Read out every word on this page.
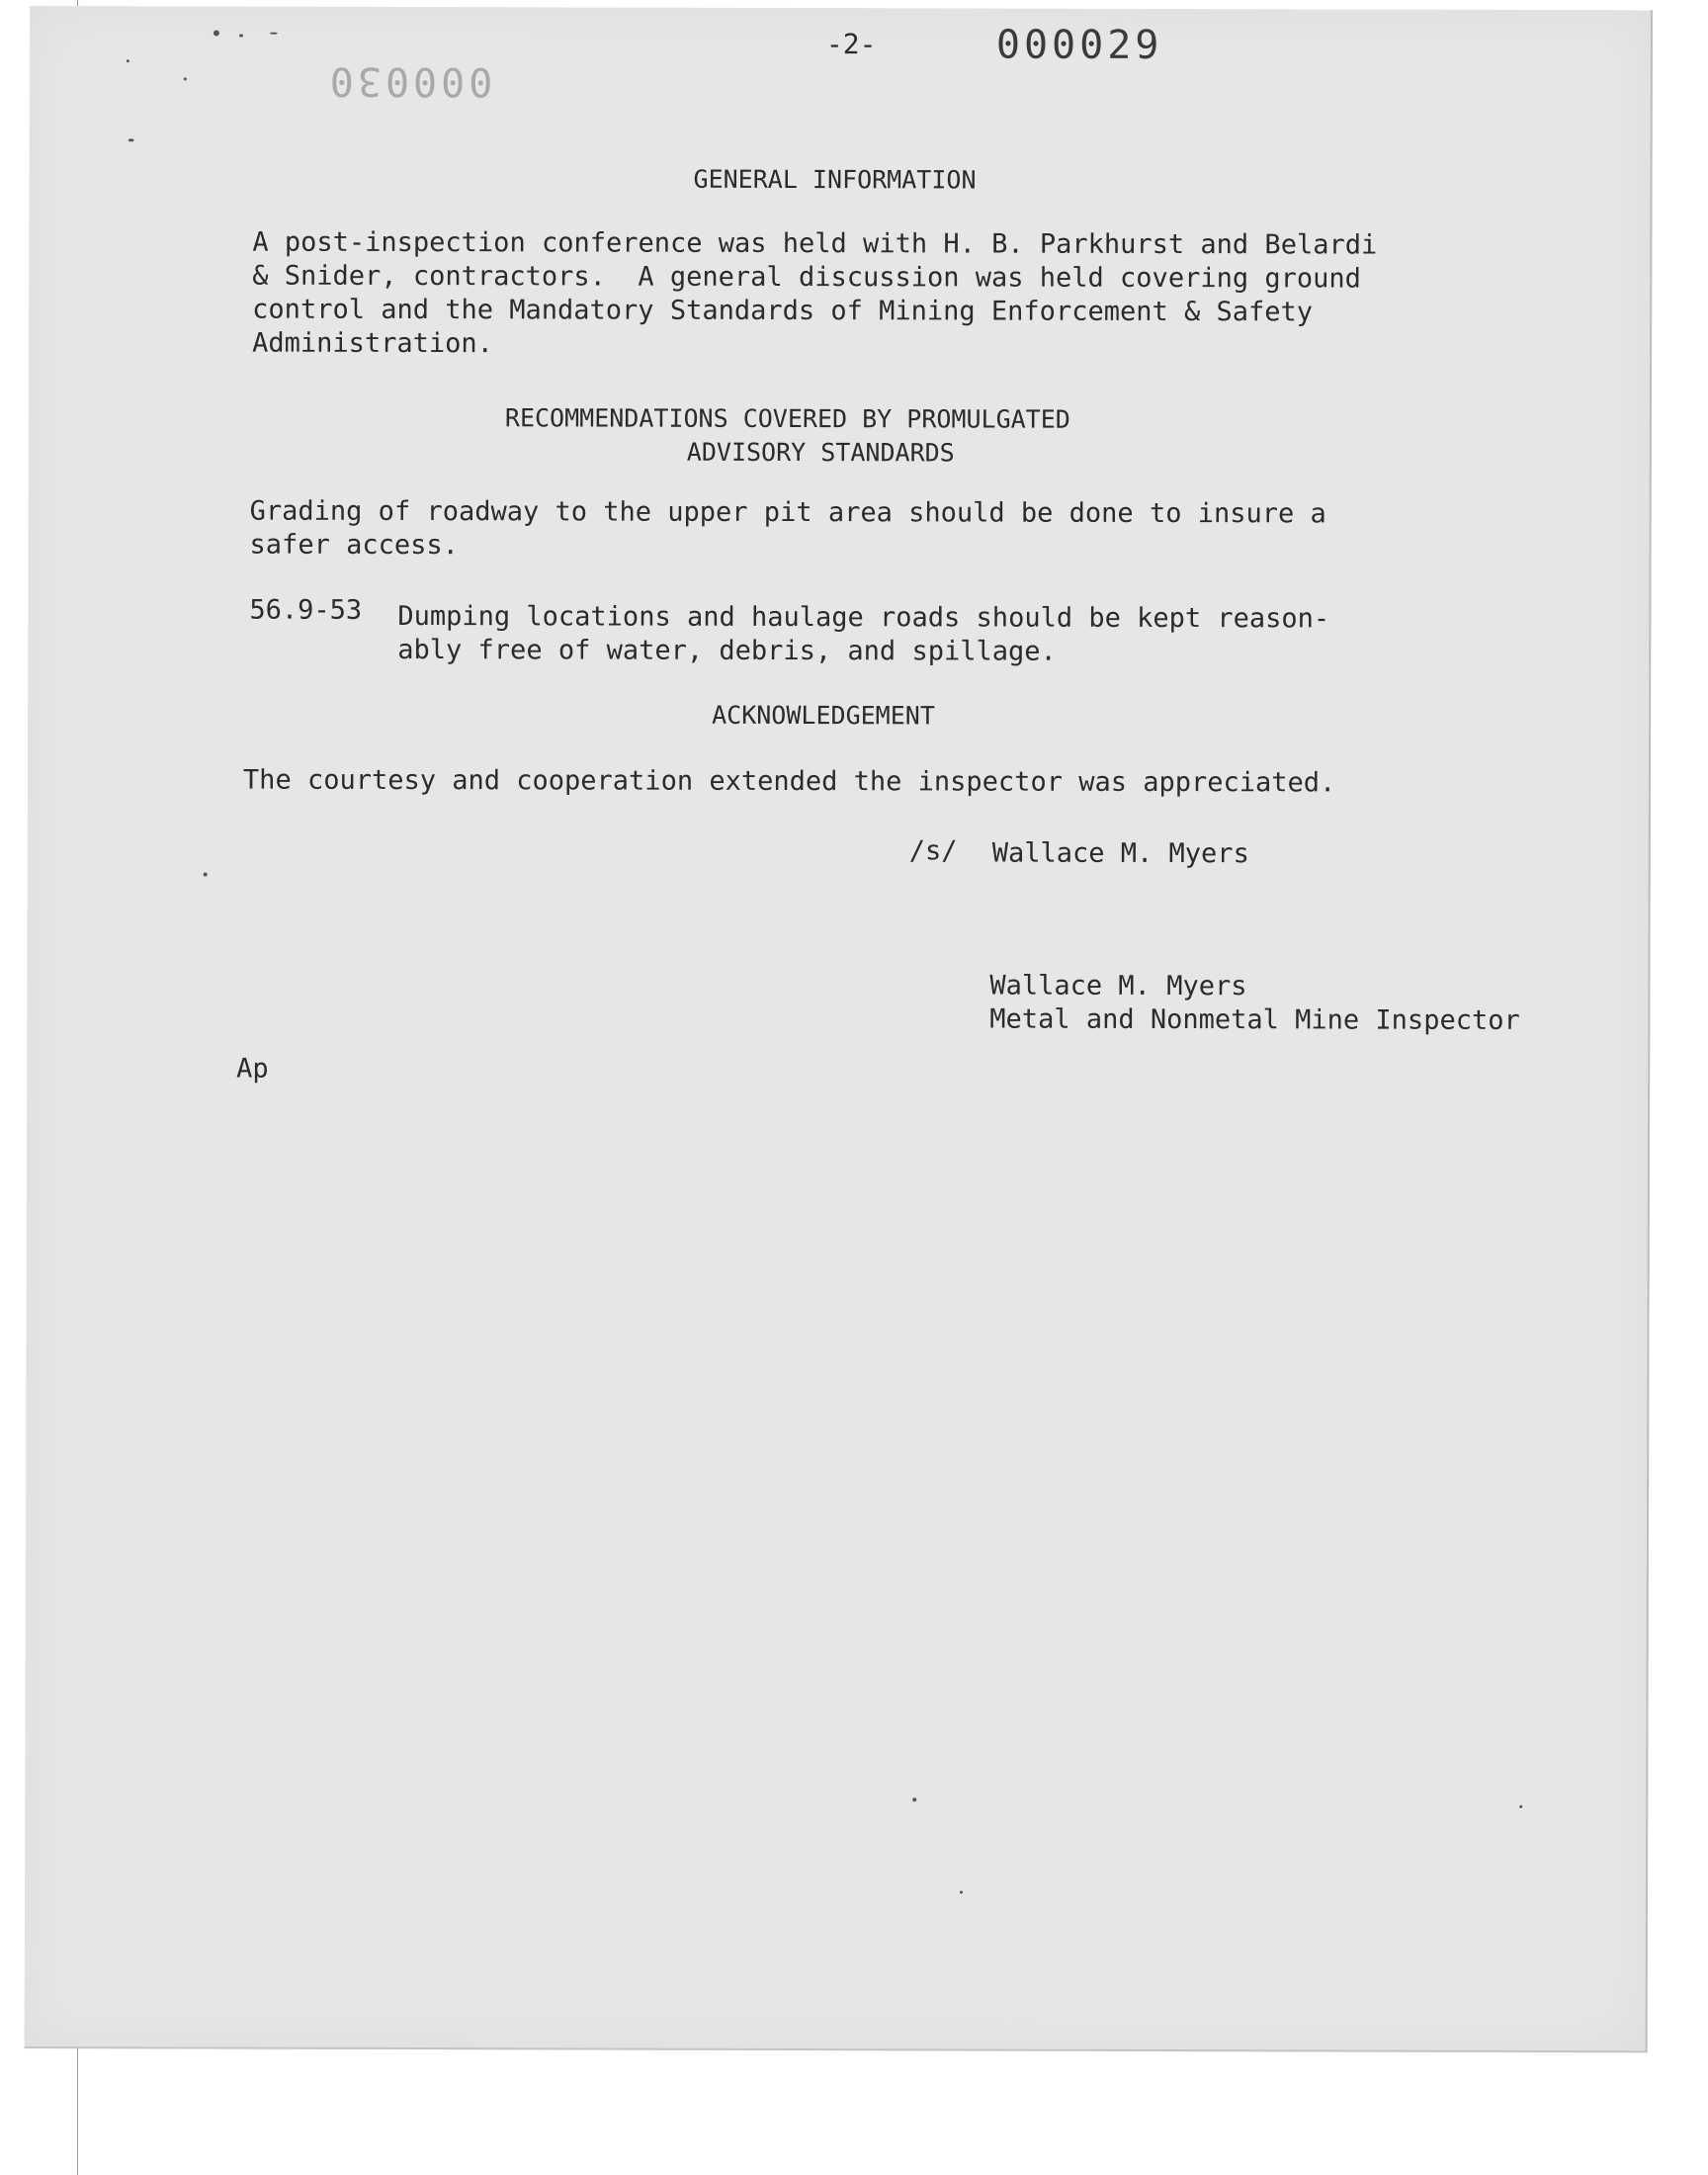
-2-	000029
000030
GENERAL INFORMATION
A post-inspection conference was held with H. B. Parkhurst and Belardi
& Snider, contractors.  A general discussion was held covering ground
control and the Mandatory Standards of Mining Enforcement & Safety
Administration.
RECOMMENDATIONS COVERED BY PROMULGATED
ADVISORY STANDARDS
Grading of roadway to the upper pit area should be done to insure a
safer access.
56.9-53 Dumping locations and haulage roads should be kept reason-
ably free of water, debris, and spillage.
ACKNOWLEDGEMENT
The courtesy and cooperation extended the inspector was appreciated.
/s/ Wallace M. Myers
Wallace M. Myers
Metal and Nonmetal Mine Inspector
Ap
